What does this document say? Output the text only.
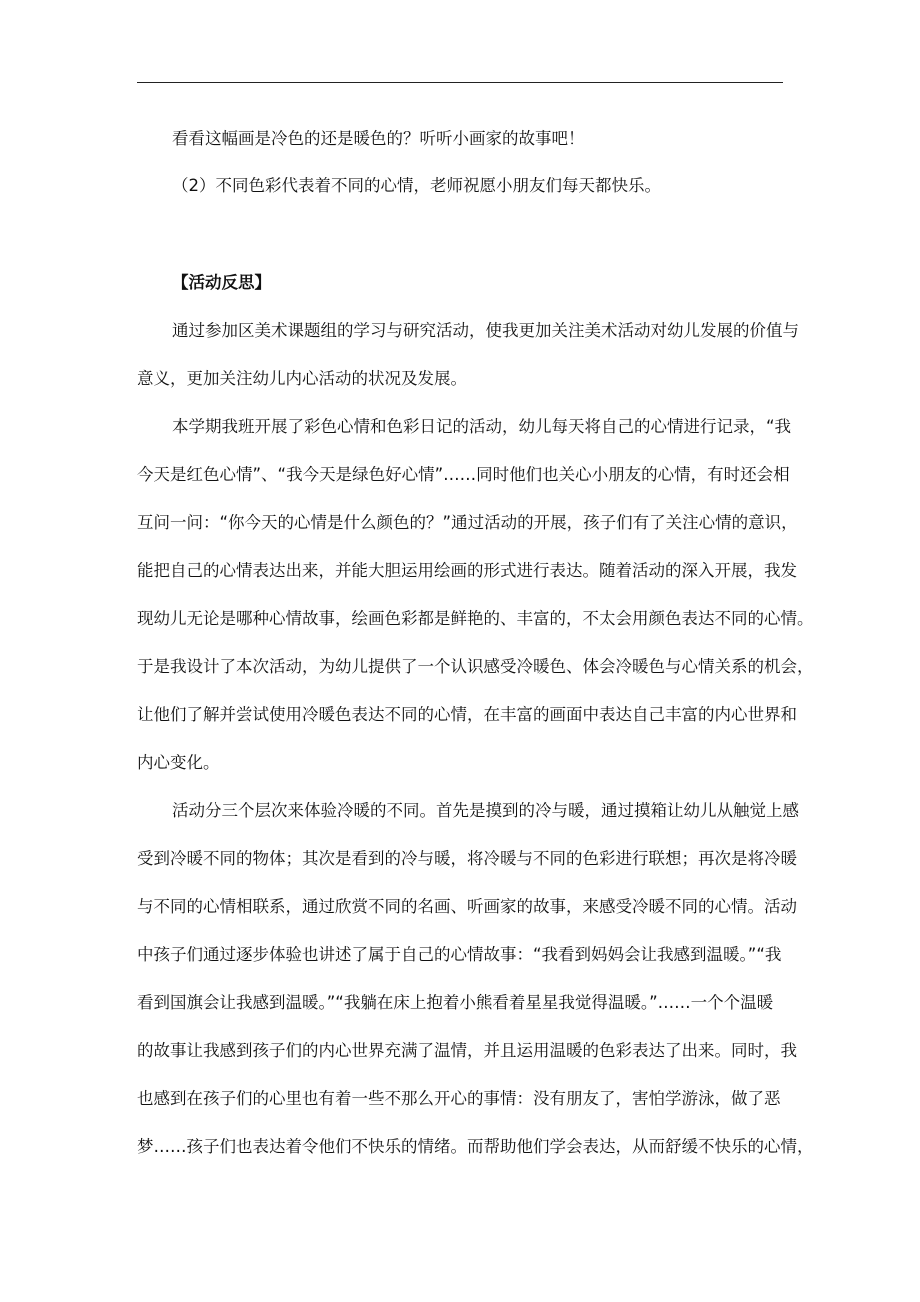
看看这幅画是冷色的还是暖色的？听听小画家的故事吧！
（2）不同色彩代表着不同的心情，老师祝愿小朋友们每天都快乐。
【活动反思】
通过参加区美术课题组的学习与研究活动，使我更加关注美术活动对幼儿发展的价值与
意义，更加关注幼儿内心活动的状况及发展。
本学期我班开展了彩色心情和色彩日记的活动，幼儿每天将自己的心情进行记录，“我
今天是红色心情”、“我今天是绿色好心情”……同时他们也关心小朋友的心情，有时还会相
互问一问：“你今天的心情是什么颜色的？”通过活动的开展，孩子们有了关注心情的意识，
能把自己的心情表达出来，并能大胆运用绘画的形式进行表达。随着活动的深入开展，我发
现幼儿无论是哪种心情故事，绘画色彩都是鲜艳的、丰富的，不太会用颜色表达不同的心情。
于是我设计了本次活动，为幼儿提供了一个认识感受冷暖色、体会冷暖色与心情关系的机会，
让他们了解并尝试使用冷暖色表达不同的心情，在丰富的画面中表达自己丰富的内心世界和
内心变化。
活动分三个层次来体验冷暖的不同。首先是摸到的冷与暖，通过摸箱让幼儿从触觉上感
受到冷暖不同的物体；其次是看到的冷与暖，将冷暖与不同的色彩进行联想；再次是将冷暖
与不同的心情相联系，通过欣赏不同的名画、听画家的故事，来感受冷暖不同的心情。活动
中孩子们通过逐步体验也讲述了属于自己的心情故事：“我看到妈妈会让我感到温暖。”“我
看到国旗会让我感到温暖。”“我躺在床上抱着小熊看着星星我觉得温暖。”……一个个温暖
的故事让我感到孩子们的内心世界充满了温情，并且运用温暖的色彩表达了出来。同时，我
也感到在孩子们的心里也有着一些不那么开心的事情：没有朋友了，害怕学游泳，做了恶
梦……孩子们也表达着令他们不快乐的情绪。而帮助他们学会表达，从而舒缓不快乐的心情，
